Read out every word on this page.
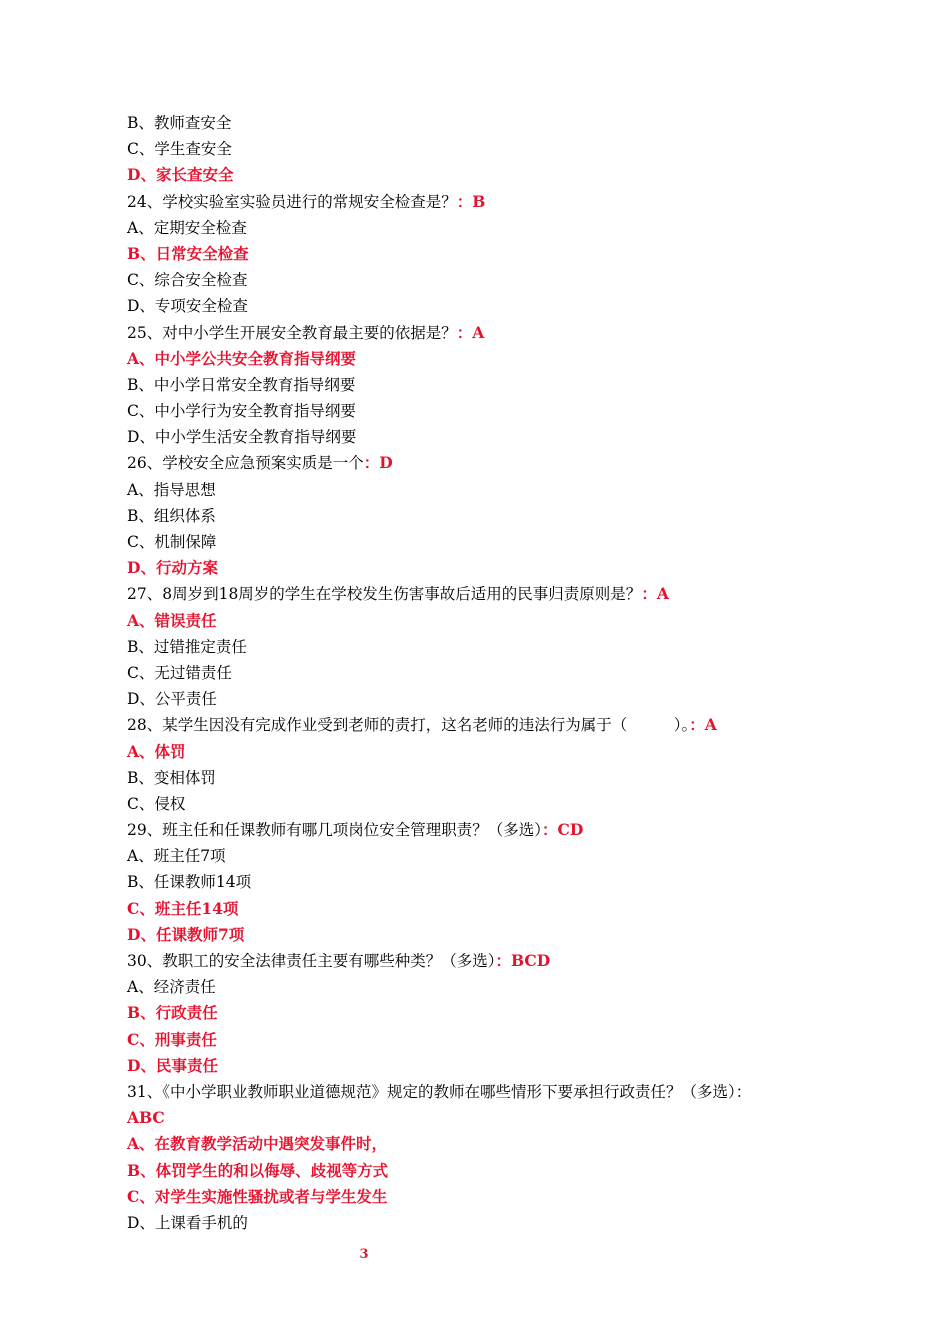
B、教师查安全
C、学生查安全
D、家长查安全
24、学校实验室实验员进行的常规安全检查是？：B
A、定期安全检查
B、日常安全检查
C、综合安全检查
D、专项安全检查
25、对中小学生开展安全教育最主要的依据是？：A
A、中小学公共安全教育指导纲要
B、中小学日常安全教育指导纲要
C、中小学行为安全教育指导纲要
D、中小学生活安全教育指导纲要
26、学校安全应急预案实质是一个：D
A、指导思想
B、组织体系
C、机制保障
D、行动方案
27、8周岁到18周岁的学生在学校发生伤害事故后适用的民事归责原则是？：A
A、错误责任
B、过错推定责任
C、无过错责任
D、公平责任
28、某学生因没有完成作业受到老师的责打，这名老师的违法行为属于（　　　）。：A
A、体罚
B、变相体罚
C、侵权
29、班主任和任课教师有哪几项岗位安全管理职责？（多选）：CD
A、班主任7项
B、任课教师14项
C、班主任14项
D、任课教师7项
30、教职工的安全法律责任主要有哪些种类？（多选）：BCD
A、经济责任
B、行政责任
C、刑事责任
D、民事责任
31、《中小学职业教师职业道德规范》规定的教师在哪些情形下要承担行政责任？（多选）：
ABC
A、在教育教学活动中遇突发事件时，
B、体罚学生的和以侮辱、歧视等方式
C、对学生实施性骚扰或者与学生发生
D、上课看手机的
3
